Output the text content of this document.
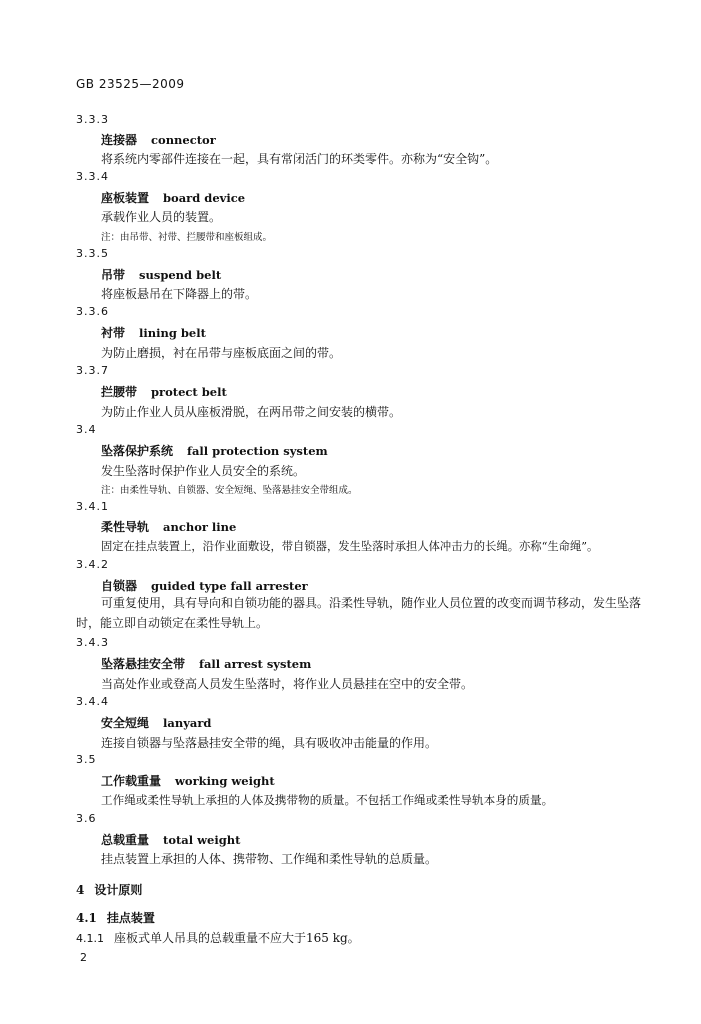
GB 23525—2009
3.3.3
连接器 connector
将系统内零部件连接在一起，具有常闭活门的环类零件。亦称为“安全钩”。
3.3.4
座板装置 board device
承载作业人员的装置。
注：由吊带、衬带、拦腰带和座板组成。
3.3.5
吊带 suspend belt
将座板悬吊在下降器上的带。
3.3.6
衬带 lining belt
为防止磨损，衬在吊带与座板底面之间的带。
3.3.7
拦腰带 protect belt
为防止作业人员从座板滑脱，在两吊带之间安装的横带。
3.4
坠落保护系统 fall protection system
发生坠落时保护作业人员安全的系统。
注：由柔性导轨、自锁器、安全短绳、坠落悬挂安全带组成。
3.4.1
柔性导轨 anchor line
固定在挂点装置上，沿作业面敷设，带自锁器，发生坠落时承担人体冲击力的长绳。亦称“生命绳”。
3.4.2
自锁器 guided type fall arrester
可重复使用，具有导向和自锁功能的器具。沿柔性导轨，随作业人员位置的改变而调节移动，发生坠落时，能立即自动锁定在柔性导轨上。
3.4.3
坠落悬挂安全带 fall arrest system
当高处作业或登高人员发生坠落时，将作业人员悬挂在空中的安全带。
3.4.4
安全短绳 lanyard
连接自锁器与坠落悬挂安全带的绳，具有吸收冲击能量的作用。
3.5
工作载重量 working weight
工作绳或柔性导轨上承担的人体及携带物的质量。不包括工作绳或柔性导轨本身的质量。
3.6
总载重量 total weight
挂点装置上承担的人体、携带物、工作绳和柔性导轨的总质量。
4 设计原则
4.1 挂点装置
4.1.1 座板式单人吊具的总载重量不应大于165 kg。
2
